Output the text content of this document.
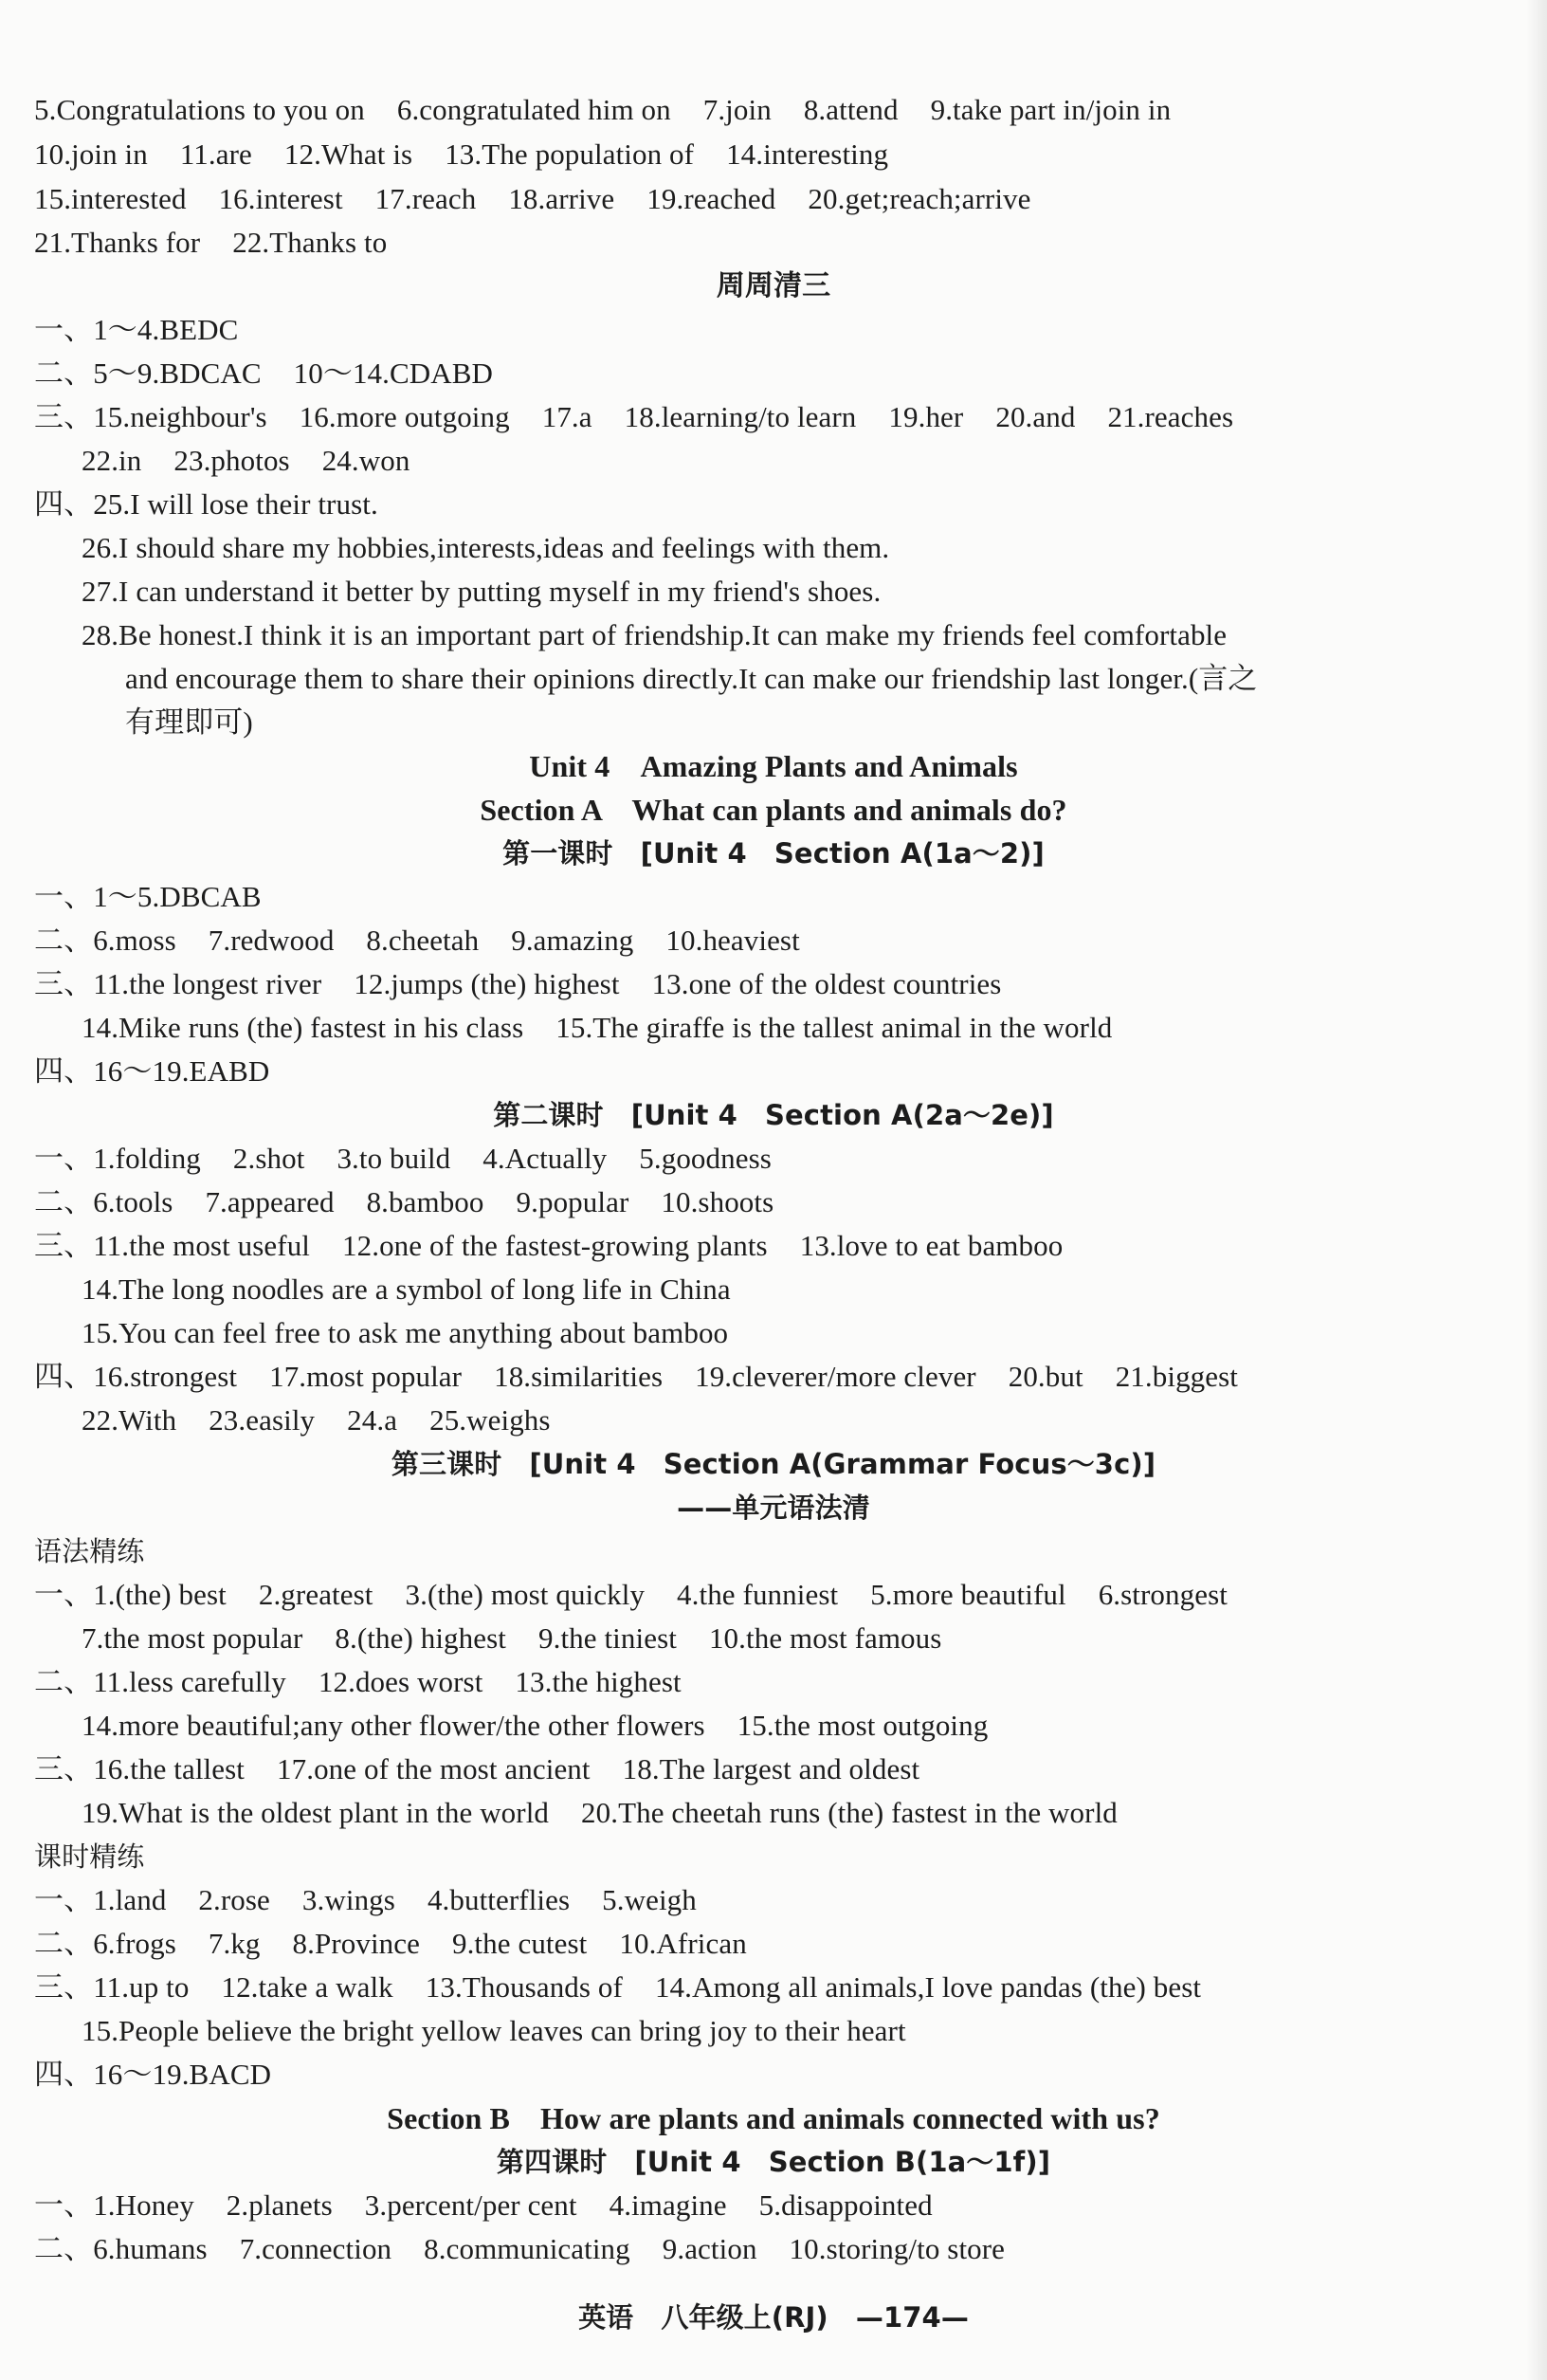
5.Congratulations to you on 6.congratulated him on 7.join 8.attend 9.take part in/join in
10.join in 11.are 12.What is 13.The population of 14.interesting
15.interested 16.interest 17.reach 18.arrive 19.reached 20.get;reach;arrive
21.Thanks for 22.Thanks to
周周清三
一、1～4.BEDC
二、5～9.BDCAC 10～14.CDABD
三、15.neighbour's 16.more outgoing 17.a 18.learning/to learn 19.her 20.and 21.reaches
22.in 23.photos 24.won
四、25.I will lose their trust.
26.I should share my hobbies,interests,ideas and feelings with them.
27.I can understand it better by putting myself in my friend's shoes.
28.Be honest.I think it is an important part of friendship.It can make my friends feel comfortable
and encourage them to share their opinions directly.It can make our friendship last longer.(言之
有理即可)
Unit 4　Amazing Plants and Animals
Section A　What can plants and animals do?
第一课时　[Unit 4　Section A(1a～2)]
一、1～5.DBCAB
二、6.moss 7.redwood 8.cheetah 9.amazing 10.heaviest
三、11.the longest river 12.jumps (the) highest 13.one of the oldest countries
14.Mike runs (the) fastest in his class 15.The giraffe is the tallest animal in the world
四、16～19.EABD
第二课时　[Unit 4　Section A(2a～2e)]
一、1.folding 2.shot 3.to build 4.Actually 5.goodness
二、6.tools 7.appeared 8.bamboo 9.popular 10.shoots
三、11.the most useful 12.one of the fastest-growing plants 13.love to eat bamboo
14.The long noodles are a symbol of long life in China
15.You can feel free to ask me anything about bamboo
四、16.strongest 17.most popular 18.similarities 19.cleverer/more clever 20.but 21.biggest
22.With 23.easily 24.a 25.weighs
第三课时　[Unit 4　Section A(Grammar Focus～3c)]
——单元语法清
语法精练
一、1.(the) best 2.greatest 3.(the) most quickly 4.the funniest 5.more beautiful 6.strongest
7.the most popular 8.(the) highest 9.the tiniest 10.the most famous
二、11.less carefully 12.does worst 13.the highest
14.more beautiful;any other flower/the other flowers 15.the most outgoing
三、16.the tallest 17.one of the most ancient 18.The largest and oldest
19.What is the oldest plant in the world 20.The cheetah runs (the) fastest in the world
课时精练
一、1.land 2.rose 3.wings 4.butterflies 5.weigh
二、6.frogs 7.kg 8.Province 9.the cutest 10.African
三、11.up to 12.take a walk 13.Thousands of 14.Among all animals,I love pandas (the) best
15.People believe the bright yellow leaves can bring joy to their heart
四、16～19.BACD
Section B　How are plants and animals connected with us?
第四课时　[Unit 4　Section B(1a～1f)]
一、1.Honey 2.planets 3.percent/per cent 4.imagine 5.disappointed
二、6.humans 7.connection 8.communicating 9.action 10.storing/to store
英语　八年级上(RJ)　—174—
